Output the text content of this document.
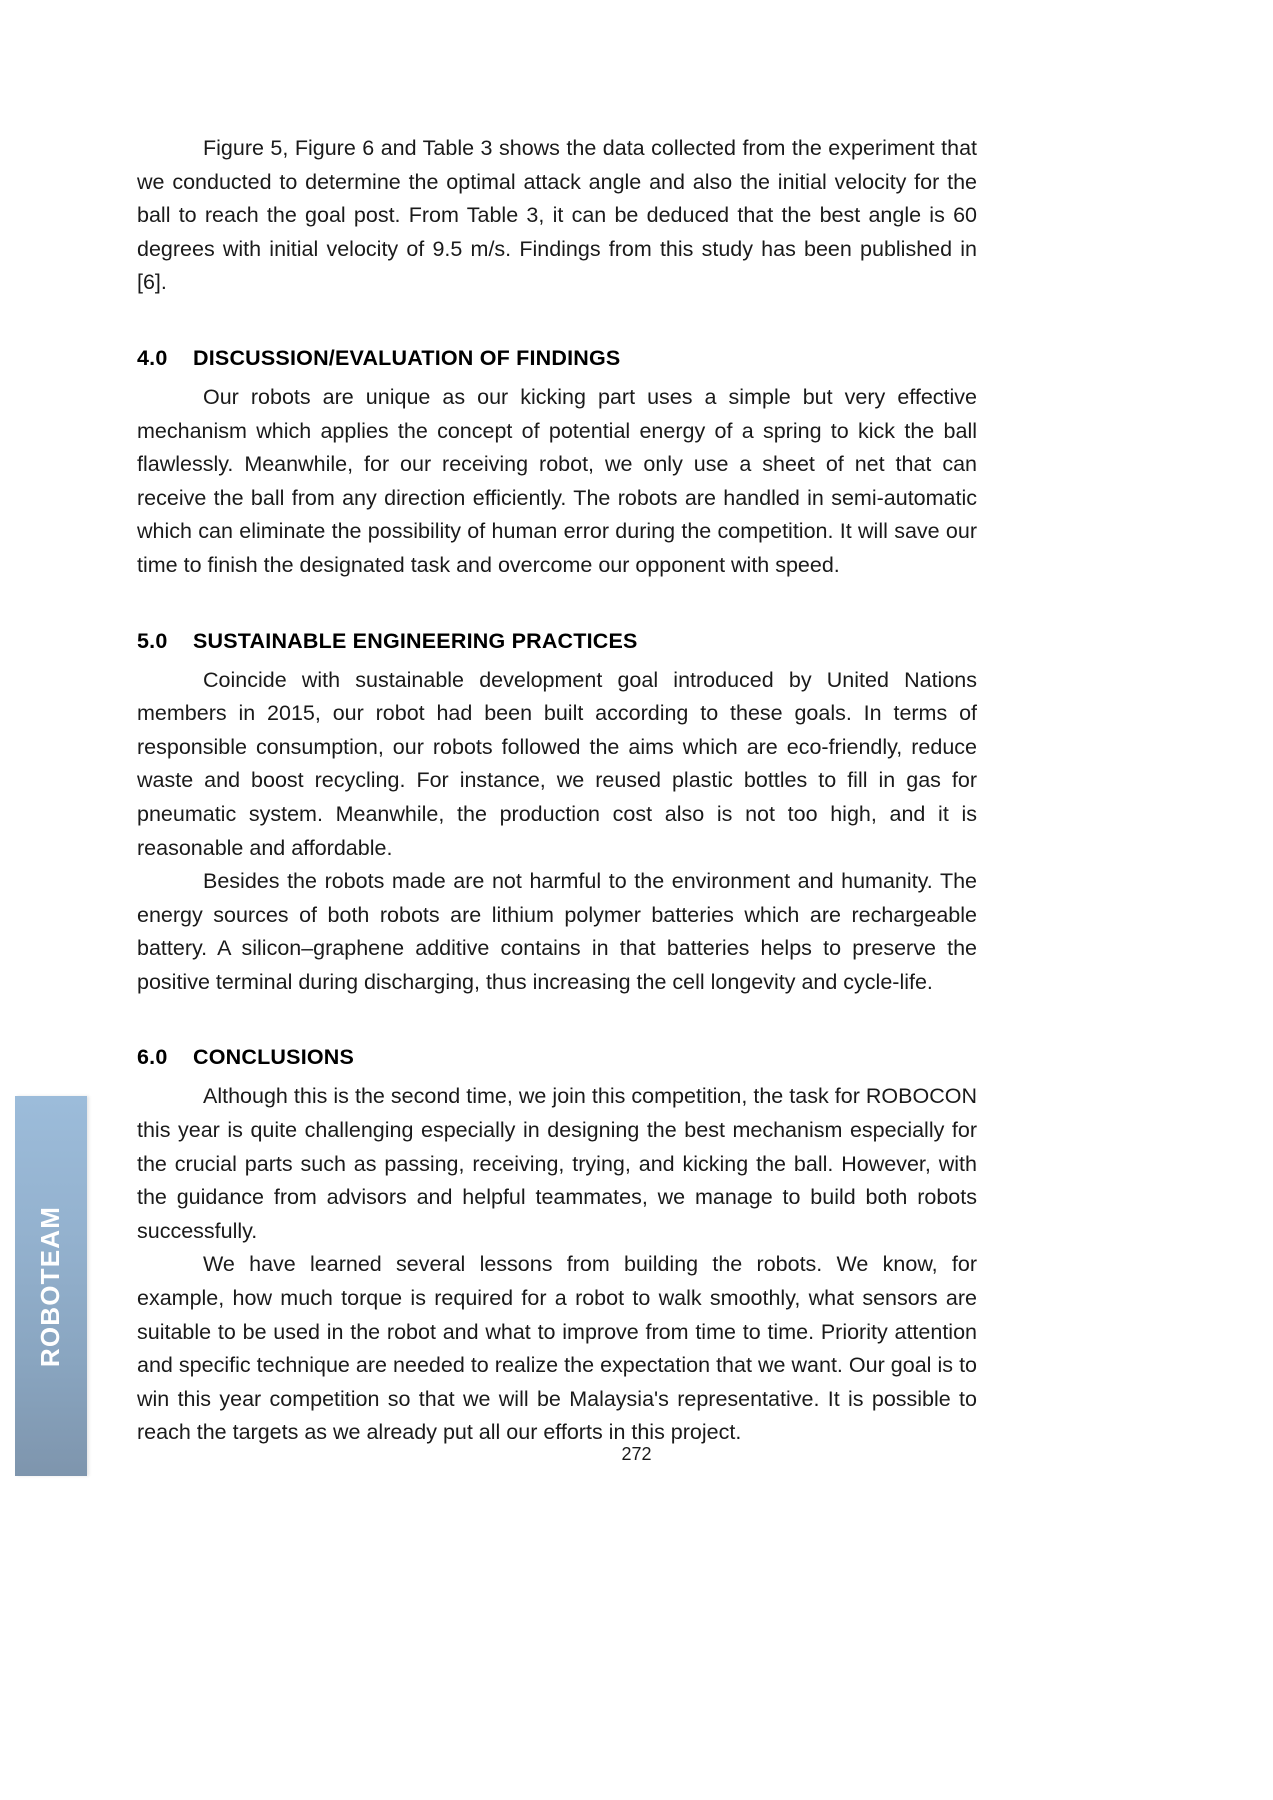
ROBOTEAM

Figure 5, Figure 6 and Table 3 shows the data collected from the experiment that we conducted to determine the optimal attack angle and also the initial velocity for the ball to reach the goal post. From Table 3, it can be deduced that the best angle is 60 degrees with initial velocity of 9.5 m/s. Findings from this study has been published in [6].

4.0	DISCUSSION/EVALUATION OF FINDINGS

Our robots are unique as our kicking part uses a simple but very effective mechanism which applies the concept of potential energy of a spring to kick the ball flawlessly. Meanwhile, for our receiving robot, we only use a sheet of net that can receive the ball from any direction efficiently. The robots are handled in semi-automatic which can eliminate the possibility of human error during the competition. It will save our time to finish the designated task and overcome our opponent with speed.

5.0	SUSTAINABLE ENGINEERING PRACTICES

Coincide with sustainable development goal introduced by United Nations members in 2015, our robot had been built according to these goals. In terms of responsible consumption, our robots followed the aims which are eco-friendly, reduce waste and boost recycling. For instance, we reused plastic bottles to fill in gas for pneumatic system. Meanwhile, the production cost also is not too high, and it is reasonable and affordable.

Besides the robots made are not harmful to the environment and humanity. The energy sources of both robots are lithium polymer batteries which are rechargeable battery. A silicon–graphene additive contains in that batteries helps to preserve the positive terminal during discharging, thus increasing the cell longevity and cycle-life.

6.0	CONCLUSIONS

Although this is the second time, we join this competition, the task for ROBOCON this year is quite challenging especially in designing the best mechanism especially for the crucial parts such as passing, receiving, trying, and kicking the ball. However, with the guidance from advisors and helpful teammates, we manage to build both robots successfully.

We have learned several lessons from building the robots. We know, for example, how much torque is required for a robot to walk smoothly, what sensors are suitable to be used in the robot and what to improve from time to time. Priority attention and specific technique are needed to realize the expectation that we want. Our goal is to win this year competition so that we will be Malaysia's representative. It is possible to reach the targets as we already put all our efforts in this project.

272
